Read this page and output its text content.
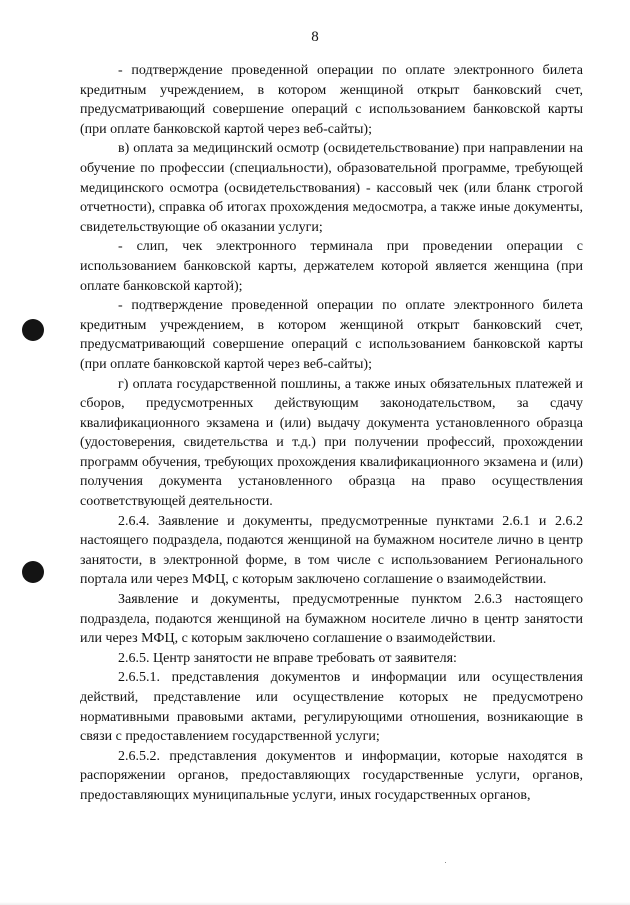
8

- подтверждение проведенной операции по оплате электронного билета кредитным учреждением, в котором женщиной открыт банковский счет, предусматривающий совершение операций с использованием банковской карты (при оплате банковской картой через веб-сайты);

в) оплата за медицинский осмотр (освидетельствование) при направлении на обучение по профессии (специальности), образовательной программе, требующей медицинского осмотра (освидетельствования) - кассовый чек (или бланк строгой отчетности), справка об итогах прохождения медосмотра, а также иные документы, свидетельствующие об оказании услуги;

- слип, чек электронного терминала при проведении операции с использованием банковской карты, держателем которой является женщина (при оплате банковской картой);

- подтверждение проведенной операции по оплате электронного билета кредитным учреждением, в котором женщиной открыт банковский счет, предусматривающий совершение операций с использованием банковской карты (при оплате банковской картой через веб-сайты);

г) оплата государственной пошлины, а также иных обязательных платежей и сборов, предусмотренных действующим законодательством, за сдачу квалификационного экзамена и (или) выдачу документа установленного образца (удостоверения, свидетельства и т.д.) при получении профессий, прохождении программ обучения, требующих прохождения квалификационного экзамена и (или) получения документа установленного образца на право осуществления соответствующей деятельности.

2.6.4. Заявление и документы, предусмотренные пунктами 2.6.1 и 2.6.2 настоящего подраздела, подаются женщиной на бумажном носителе лично в центр занятости, в электронной форме, в том числе с использованием Регионального портала или через МФЦ, с которым заключено соглашение о взаимодействии.

Заявление и документы, предусмотренные пунктом 2.6.3 настоящего подраздела, подаются женщиной на бумажном носителе лично в центр занятости или через МФЦ, с которым заключено соглашение о взаимодействии.

2.6.5. Центр занятости не вправе требовать от заявителя:

2.6.5.1. представления документов и информации или осуществления действий, представление или осуществление которых не предусмотрено нормативными правовыми актами, регулирующими отношения, возникающие в связи с предоставлением государственной услуги;

2.6.5.2. представления документов и информации, которые находятся в распоряжении органов, предоставляющих государственные услуги, органов, предоставляющих муниципальные услуги, иных государственных органов,
